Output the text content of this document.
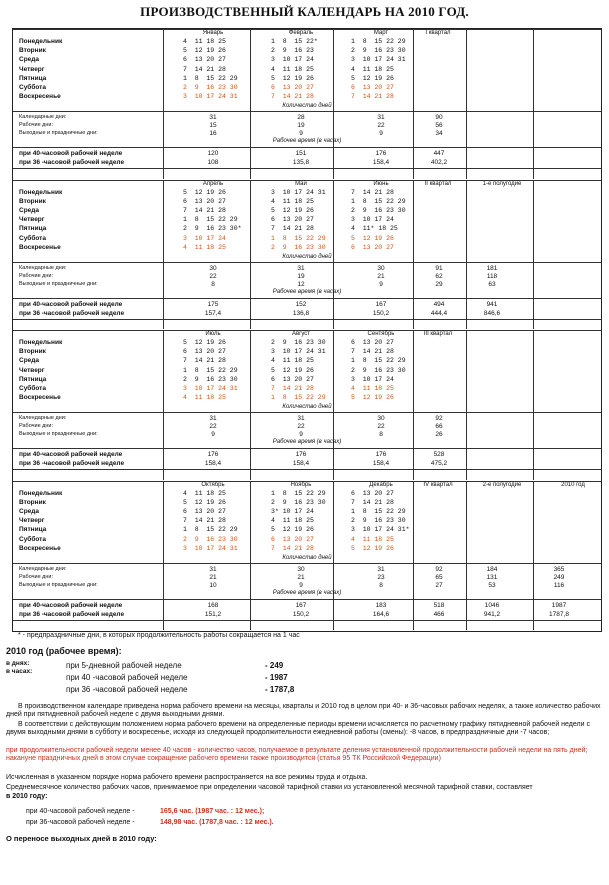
ПРОИЗВОДСТВЕННЫЙ КАЛЕНДАРЬ НА 2010 ГОД.
Январь	Февраль	Март	I квартал
Понедельник	4  11 18 25	1  8  15 22*	1  8  15 22 29
Вторник	5  12 19 26	2  9  16 23	2  9  16 23 30
Среда	6  13 20 27	3  10 17 24	3  10 17 24 31
Четверг	7  14 21 28	4  11 18 25	4  11 18 25
Пятница	1  8  15 22 29	5  12 19 26	5  12 19 26
Суббота	2  9  16 23 30	6  13 20 27	6  13 20 27
Воскресенье	3  10 17 24 31	7  14 21 28	7  14 21 28
Количество дней
Календарные дни:	31	28	31	90
Рабочие дни:	15	19	22	56
Выходные и праздничные дни:	16	9	9	34
Рабочее время (в часах)
при 40-часовой рабочей неделе	120	151	176	447
при 36 -часовой рабочей неделе	108	135,8	158,4	402,2
Апрель	Май	Июнь	II квартал	1-е полугодие
Понедельник	5  12 19 26	3  10 17 24 31	7  14 21 28
Вторник	6  13 20 27	4  11 18 25	1  8  15 22 29
Среда	7  14 21 28	5  12 19 26	2  9  16 23 30
Четверг	1  8  15 22 29	6  13 20 27	3  10 17 24
Пятница	2  9  16 23 30*	7  14 21 28	4  11* 18 25
Суббота	3  10 17 24	1  8  15 22 29	5  12 19 26
Воскресенье	4  11 18 25	2  9  16 23 30	6  13 20 27
Количество дней
Календарные дни:	30	31	30	91	181
Рабочие дни:	22	19	21	62	118
Выходные и праздничные дни:	8	12	9	29	63
Рабочее время (в часах)
при 40-часовой рабочей неделе	175	152	167	494	941
при 36 -часовой рабочей неделе	157,4	136,8	150,2	444,4	846,6
Июль	Август	Сентябрь	III квартал
Понедельник	5  12 19 26	2  9  16 23 30	6  13 20 27
Вторник	6  13 20 27	3  10 17 24 31	7  14 21 28
Среда	7  14 21 28	4  11 18 25	1  8  15 22 29
Четверг	1  8  15 22 29	5  12 19 26	2  9  16 23 30
Пятница	2  9  16 23 30	6  13 20 27	3  10 17 24
Суббота	3  10 17 24 31	7  14 21 28	4  11 18 25
Воскресенье	4  11 18 25	1  8  15 22 29	5  12 19 26
Количество дней
Календарные дни:	31	31	30	92
Рабочие дни:	22	22	22	66
Выходные и праздничные дни:	9	9	8	26
Рабочее время (в часах)
при 40-часовой рабочей неделе	176	176	176	528
при 36 -часовой рабочей неделе	158,4	158,4	158,4	475,2
Октябрь	Ноябрь	Декабрь	IV квартал	2-е полугодие	2010 год
Понедельник	4  11 18 25	1  8  15 22 29	6  13 20 27
Вторник	5  12 19 26	2  9  16 23 30	7  14 21 28
Среда	6  13 20 27	3* 10 17 24	1  8  15 22 29
Четверг	7  14 21 28	4  11 18 25	2  9  16 23 30
Пятница	1  8  15 22 29	5  12 19 26	3  10 17 24 31*
Суббота	2  9  16 23 30	6  13 20 27	4  11 18 25
Воскресенье	3  10 17 24 31	7  14 21 28	5  12 19 26
Количество дней
Календарные дни:	31	30	31	92	184	365
Рабочие дни:	21	21	23	65	131	249
Выходные и праздничные дни:	10	9	8	27	53	116
Рабочее время (в часах)
при 40-часовой рабочей неделе	168	167	183	518	1046	1987
при 36 -часовой рабочей неделе	151,2	150,2	164,6	466	941,2	1787,8
* - предпраздничные дни, в которых продолжительность работы сокращается на 1 час
2010 год (рабочее время):
в днях:
в часах:
при 5-дневной рабочей неделе	- 249
при 40 -часовой рабочей неделе	- 1987
при 36 -часовой рабочей неделе	- 1787,8
В производственном календаре приведена норма рабочего времени на месяцы, кварталы и 2010 год в целом при 40- и 36-часовых рабочих неделях, а также количество рабочих дней при пятидневной рабочей неделе с двумя выходными днями.
В соответствии с действующим положением норма рабочего времени на определенные периоды времени исчисляется по расчетному графику пятидневной рабочей недели с двумя выходными днями в субботу и воскресенье, исходя из следующей продолжительности ежедневной работы (смены): -8 часов, в предпраздничные дни -7 часов;
при продолжительности рабочей недели менее 40 часов - количество часов, получаемое в результате деления установленной продолжительности рабочей недели на пять дней; накануне праздничных дней в этом случае сокращение рабочего времени также производится (статья 95 ТК Российской Федерации)
Исчисленная в указанном порядке норма рабочего времени распространяется на все режимы труда и отдыха.
Среднемесячное количество рабочих часов, принимаемое при определении часовой тарифной ставки из установленной месячной тарифной ставки, составляет
в 2010 году:
при 40-часовой рабочей неделе -	165,6 час. (1987 час. : 12 мес.);
при 36-часовой рабочей неделе -	148,98 час. (1787,8 час. : 12 мес.).
О переносе выходных дней в 2010 году:
